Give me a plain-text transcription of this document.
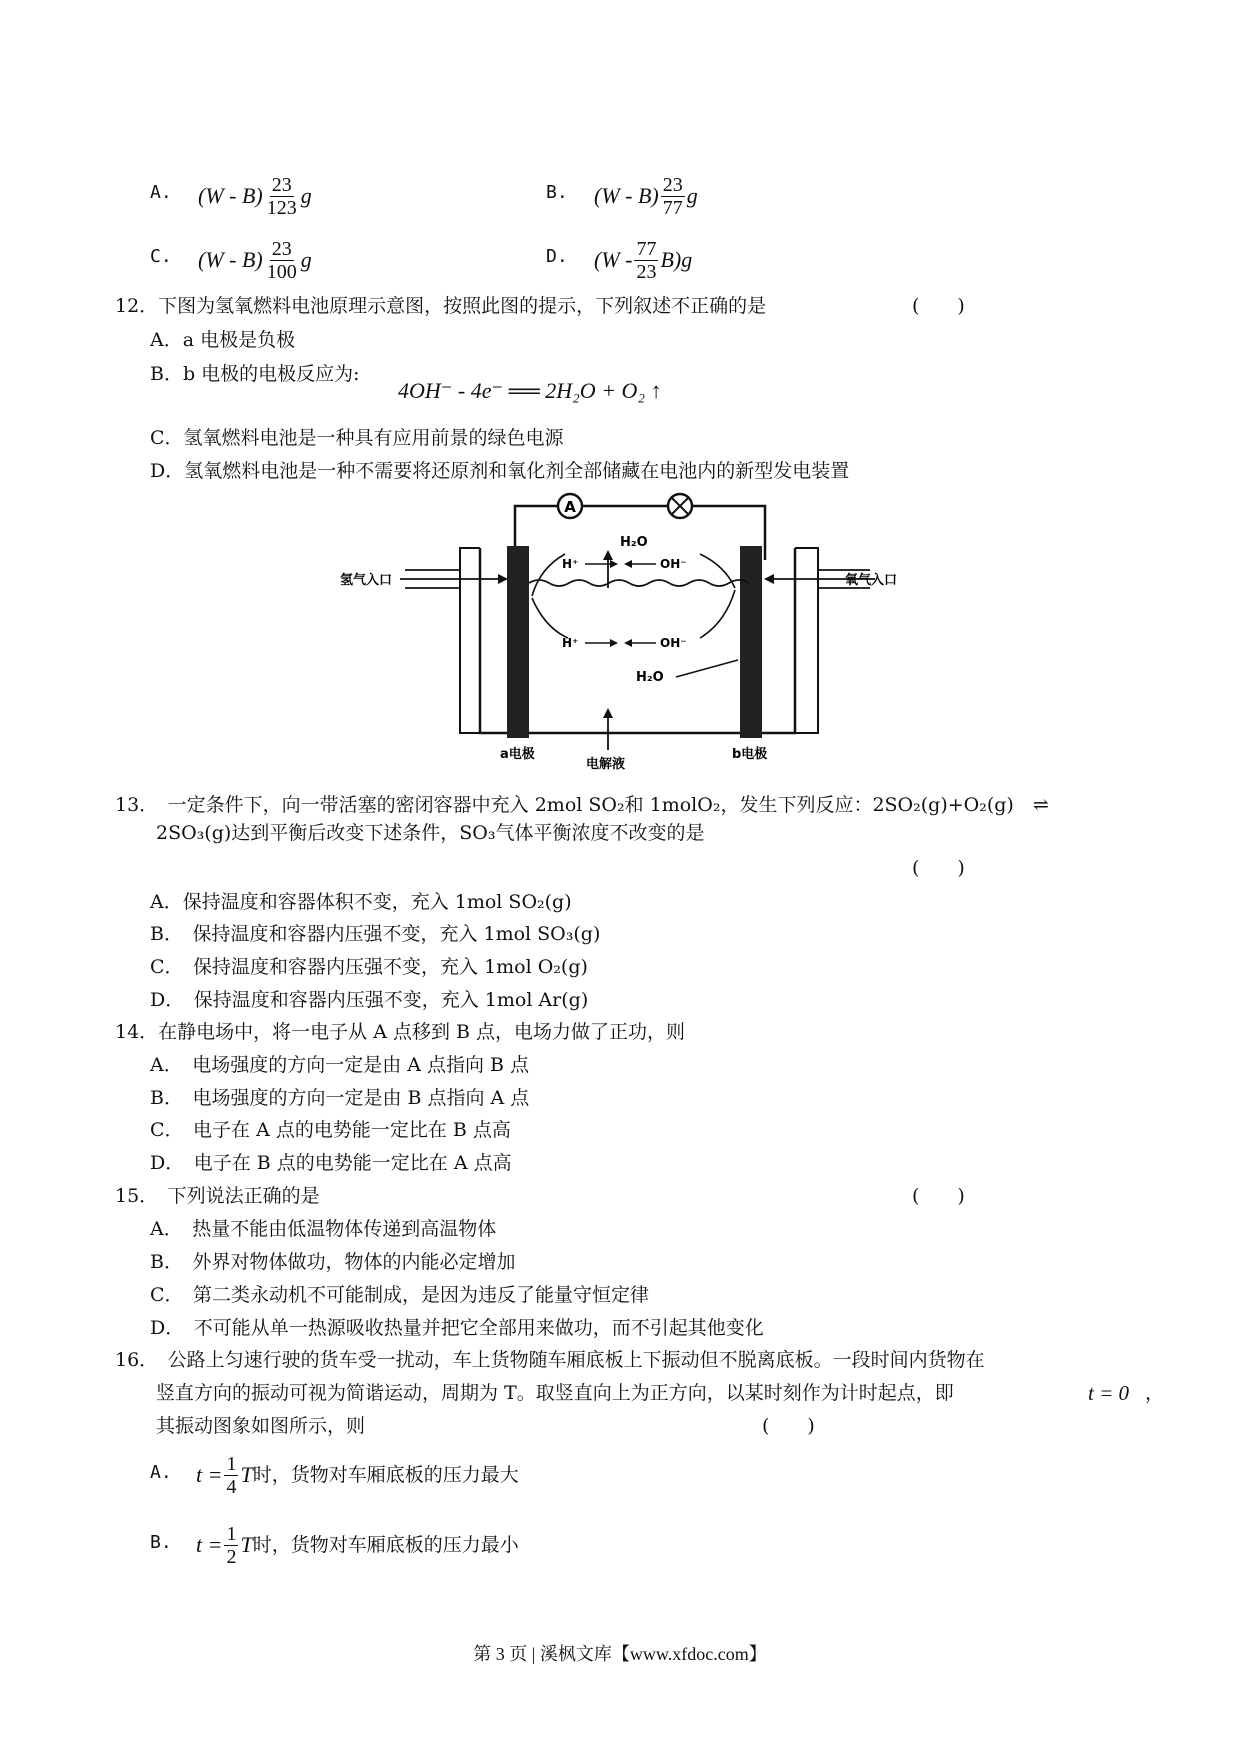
A. $(W - B) \frac{23}{123}$ g	B. $(W - B) \frac{23}{77}$ g
C. $(W - B) \frac{23}{100}$ g	D. $(W - \frac{77}{23} B)g$
12．下图为氢氧燃料电池原理示意图，按照此图的提示，下列叙述不正确的是	(　　)
A．a 电极是负极
B．b 电极的电极反应为:
4OH⁻ - 4e⁻ ══ 2H₂O + O₂ ↑
C．氢氧燃料电池是一种具有应用前景的绿色电源
D．氢氧燃料电池是一种不需要将还原剂和氧化剂全部储藏在电池内的新型发电装置
A
H₂O
氢气入口	氧气入口
H⁺	OH⁻
H⁺	OH⁻
H₂O
a电极
电解液
b电极
13．　一定条件下，向一带活塞的密闭容器中充入 2mol SO₂和 1molO₂，发生下列反应：2SO₂(g)+O₂(g)　⇌
2SO₃(g)达到平衡后改变下述条件，SO₃气体平衡浓度不改变的是
(　　)
A．保持温度和容器体积不变，充入 1mol SO₂(g)
B．　保持温度和容器内压强不变，充入 1mol SO₃(g)
C．　保持温度和容器内压强不变，充入 1mol O₂(g)
D．　保持温度和容器内压强不变，充入 1mol Ar(g)
14．在静电场中，将一电子从 A 点移到 B 点，电场力做了正功，则
A．　电场强度的方向一定是由 A 点指向 B 点
B．　电场强度的方向一定是由 B 点指向 A 点
C．　电子在 A 点的电势能一定比在 B 点高
D．　电子在 B 点的电势能一定比在 A 点高
15．　下列说法正确的是	(　　)
A．　热量不能由低温物体传递到高温物体
B．　外界对物体做功，物体的内能必定增加
C．　第二类永动机不可能制成，是因为违反了能量守恒定律
D．　不可能从单一热源吸收热量并把它全部用来做功，而不引起其他变化
16．　公路上匀速行驶的货车受一扰动，车上货物随车厢底板上下振动但不脱离底板。一段时间内货物在
竖直方向的振动可视为简谐运动，周期为 T。取竖直向上为正方向，以某时刻作为计时起点，即	t = 0 ，
其振动图象如图所示，则	(　　)
A. $t = \frac{1}{4}$ T 时，货物对车厢底板的压力最大
B. $t = \frac{1}{2}$ T 时，货物对车厢底板的压力最小
第 3 页 | 溪枫文库【www.xfdoc.com】
